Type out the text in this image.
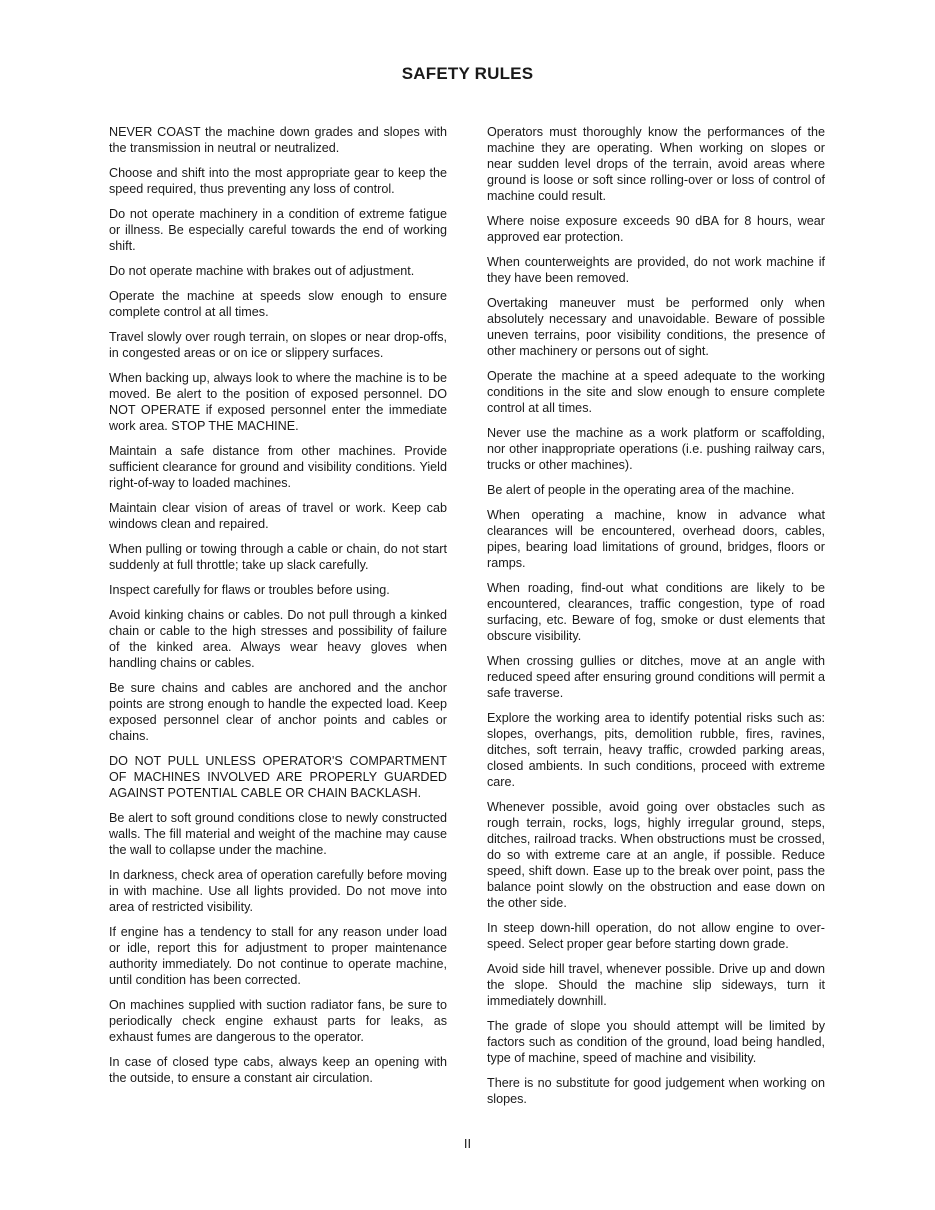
SAFETY RULES

NEVER COAST the machine down grades and slopes with the transmission in neutral or neutralized.

Choose and shift into the most appropriate gear to keep the speed required, thus preventing any loss of control.

Do not operate machinery in a condition of extreme fatigue or illness. Be especially careful towards the end of working shift.

Do not operate machine with brakes out of adjustment.

Operate the machine at speeds slow enough to ensure complete control at all times.

Travel slowly over rough terrain, on slopes or near drop-offs, in congested areas or on ice or slippery surfaces.

When backing up, always look to where the machine is to be moved. Be alert to the position of exposed personnel. DO NOT OPERATE if exposed personnel enter the immediate work area. STOP THE MACHINE.

Maintain a safe distance from other machines. Provide sufficient clearance for ground and visibility conditions. Yield right-of-way to loaded machines.

Maintain clear vision of areas of travel or work. Keep cab windows clean and repaired.

When pulling or towing through a cable or chain, do not start suddenly at full throttle; take up slack carefully.

Inspect carefully for flaws or troubles before using.

Avoid kinking chains or cables. Do not pull through a kinked chain or cable to the high stresses and possibility of failure of the kinked area. Always wear heavy gloves when handling chains or cables.

Be sure chains and cables are anchored and the anchor points are strong enough to handle the expected load. Keep exposed personnel clear of anchor points and cables or chains.

DO NOT PULL UNLESS OPERATOR'S COMPARTMENT OF MACHINES INVOLVED ARE PROPERLY GUARDED AGAINST POTENTIAL CABLE OR CHAIN BACKLASH.

Be alert to soft ground conditions close to newly constructed walls. The fill material and weight of the machine may cause the wall to collapse under the machine.

In darkness, check area of operation carefully before moving in with machine. Use all lights provided. Do not move into area of restricted visibility.

If engine has a tendency to stall for any reason under load or idle, report this for adjustment to proper maintenance authority immediately. Do not continue to operate machine, until condition has been corrected.

On machines supplied with suction radiator fans, be sure to periodically check engine exhaust parts for leaks, as exhaust fumes are dangerous to the operator.

In case of closed type cabs, always keep an opening with the outside, to ensure a constant air circulation.

Operators must thoroughly know the performances of the machine they are operating. When working on slopes or near sudden level drops of the terrain, avoid areas where ground is loose or soft since rolling-over or loss of control of machine could result.

Where noise exposure exceeds 90 dBA for 8 hours, wear approved ear protection.

When counterweights are provided, do not work machine if they have been removed.

Overtaking maneuver must be performed only when absolutely necessary and unavoidable. Beware of possible uneven terrains, poor visibility conditions, the presence of other machinery or persons out of sight.

Operate the machine at a speed adequate to the working conditions in the site and slow enough to ensure complete control at all times.

Never use the machine as a work platform or scaffolding, nor other inappropriate operations (i.e. pushing railway cars, trucks or other machines).

Be alert of people in the operating area of the machine.

When operating a machine, know in advance what clearances will be encountered, overhead doors, cables, pipes, bearing load limitations of ground, bridges, floors or ramps.

When roading, find-out what conditions are likely to be encountered, clearances, traffic congestion, type of road surfacing, etc. Beware of fog, smoke or dust elements that obscure visibility.

When crossing gullies or ditches, move at an angle with reduced speed after ensuring ground conditions will permit a safe traverse.

Explore the working area to identify potential risks such as: slopes, overhangs, pits, demolition rubble, fires, ravines, ditches, soft terrain, heavy traffic, crowded parking areas, closed ambients. In such conditions, proceed with extreme care.

Whenever possible, avoid going over obstacles such as rough terrain, rocks, logs, highly irregular ground, steps, ditches, railroad tracks. When obstructions must be crossed, do so with extreme care at an angle, if possible. Reduce speed, shift down. Ease up to the break over point, pass the balance point slowly on the obstruction and ease down on the other side.

In steep down-hill operation, do not allow engine to over-speed. Select proper gear before starting down grade.

Avoid side hill travel, whenever possible. Drive up and down the slope. Should the machine slip sideways, turn it immediately downhill.

The grade of slope you should attempt will be limited by factors such as condition of the ground, load being handled, type of machine, speed of machine and visibility.

There is no substitute for good judgement when working on slopes.

II
